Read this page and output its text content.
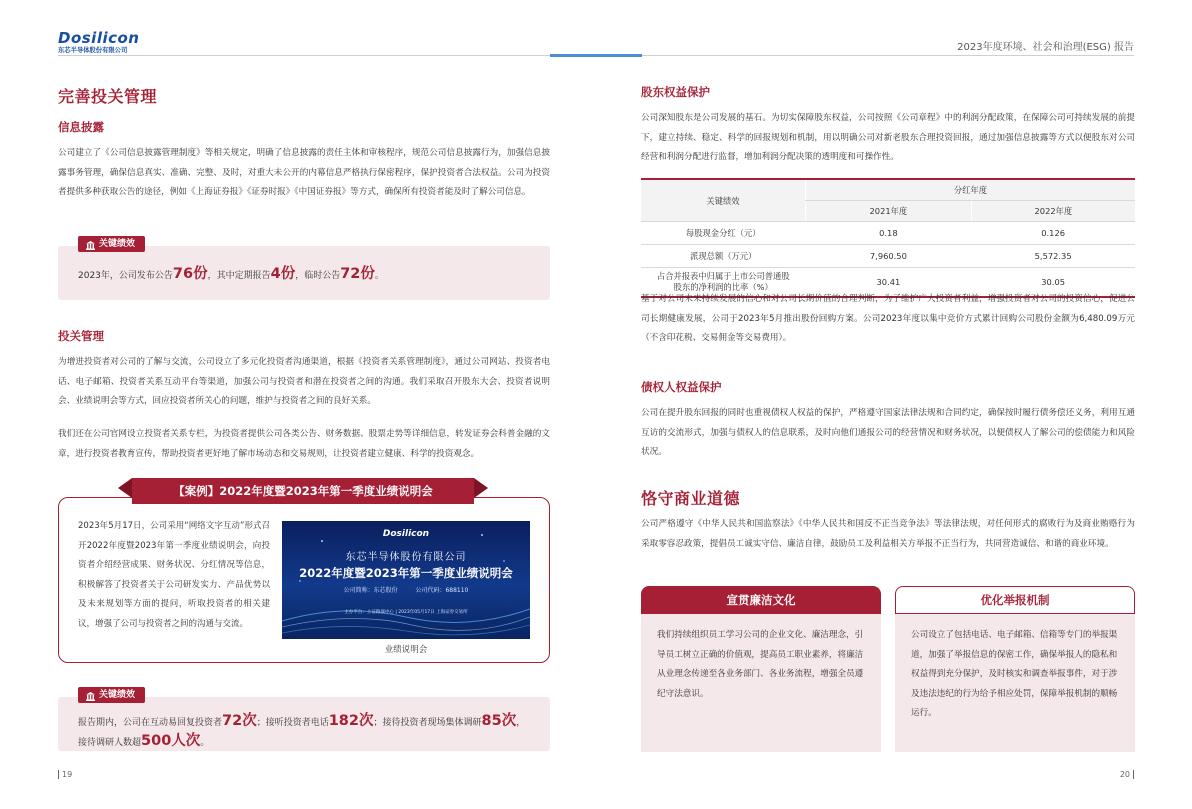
Dosilicon
东芯半导体股份有限公司	2023年度环境、社会和治理(ESG) 报告
完善投关管理
信息披露
公司建立了《公司信息披露管理制度》等相关规定，明确了信息披露的责任主体和审核程序，规范公司信息披露行为，加强信息披露事务管理，确保信息真实、准确、完整、及时，对重大未公开的内幕信息严格执行保密程序，保护投资者合法权益。公司为投资者提供多种获取公告的途径，例如《上海证券报》《证券时报》《中国证券报》等方式，确保所有投资者能及时了解公司信息。
关键绩效
2023年，公司发布公告76份，其中定期报告4份，临时公告72份。
投关管理
为增进投资者对公司的了解与交流，公司设立了多元化投资者沟通渠道，根据《投资者关系管理制度》，通过公司网站、投资者电话、电子邮箱、投资者关系互动平台等渠道，加强公司与投资者和潜在投资者之间的沟通。我们采取召开股东大会、投资者说明会、业绩说明会等方式，回应投资者所关心的问题，维护与投资者之间的良好关系。
我们还在公司官网设立投资者关系专栏，为投资者提供公司各类公告、财务数据、股票走势等详细信息，转发证券会科普金融的文章，进行投资者教育宣传，帮助投资者更好地了解市场动态和交易规则，让投资者建立健康、科学的投资观念。
【案例】2022年度暨2023年第一季度业绩说明会
2023年5月17日，公司采用“网络文字互动”形式召开2022年度暨2023年第一季度业绩说明会，向投资者介绍经营成果、财务状况、分红情况等信息，积极解答了投资者关于公司研发实力、产品优势以及未来规划等方面的提问，听取投资者的相关建议，增强了公司与投资者之间的沟通与交流。
Dosilicon
东芯半导体股份有限公司
2022年度暨2023年第一季度业绩说明会
公司简称：东芯股份	公司代码：688110
主办平台：上证路演中心 | 2023年05月17日 上海证券交易所
业绩说明会
关键绩效
报告期内，公司在互动易回复投资者72次；接听投资者电话182次；接待投资者现场集体调研85次，
接待调研人数超500人次。
19
股东权益保护
公司深知股东是公司发展的基石。为切实保障股东权益，公司按照《公司章程》中的利润分配政策，在保障公司可持续发展的前提下，建立持续、稳定、科学的回报规划和机制，用以明确公司对新老股东合理投资回报，通过加强信息披露等方式以便股东对公司经营和利润分配进行监督，增加利润分配决策的透明度和可操作性。
关键绩效	分红年度	
	2021年度	2022年度
每股现金分红（元）	0.18	0.126
派现总额（万元）	7,960.50	5,572.35
占合并报表中归属于上市公司普通股股东的净利润的比率（%）	30.41	30.05
基于对公司未来持续发展的信心和对公司长期价值的合理判断，为了维护广大投资者利益，增强投资者对公司的投资信心，促进公司长期健康发展，公司于2023年5月推出股份回购方案。公司2023年度以集中竞价方式累计回购公司股份金额为6,480.09万元（不含印花税、交易佣金等交易费用）。
债权人权益保护
公司在提升股东回报的同时也重视债权人权益的保护，严格遵守国家法律法规和合同约定，确保按时履行债务偿还义务，利用互通互访的交流形式，加强与债权人的信息联系，及时向他们通报公司的经营情况和财务状况，以便债权人了解公司的偿债能力和风险状况。
恪守商业道德
公司严格遵守《中华人民共和国监察法》《中华人民共和国反不正当竞争法》等法律法规，对任何形式的腐败行为及商业贿赂行为采取零容忍政策，提倡员工诚实守信、廉洁自律，鼓励员工及利益相关方举报不正当行为，共同营造诚信、和谐的商业环境。
宣贯廉洁文化
我们持续组织员工学习公司的企业文化、廉洁理念，引导员工树立正确的价值观，提高员工职业素养，将廉洁从业理念传递至各业务部门、各业务流程，增强全员遵纪守法意识。
优化举报机制
公司设立了包括电话、电子邮箱、信箱等专门的举报渠道，加强了举报信息的保密工作，确保举报人的隐私和权益得到充分保护，及时核实和调查举报事件，对于涉及违法违纪的行为给予相应处罚，保障举报机制的顺畅运行。
20
